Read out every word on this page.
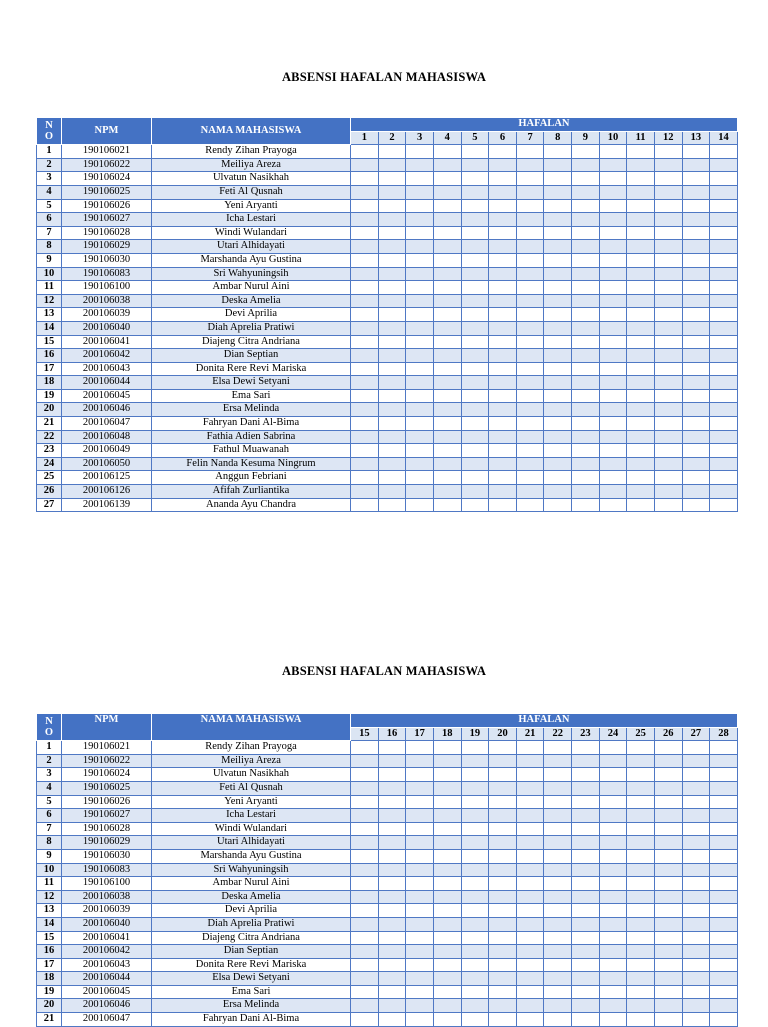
ABSENSI HAFALAN MAHASISWA
N
O	NPM	NAMA MAHASISWA	HAFALAN													
			1	2	3	4	5	6	7	8	9	10	11	12	13	14
1	190106021	Rendy Zihan Prayoga														
2	190106022	Meiliya Areza														
3	190106024	Ulvatun Nasikhah														
4	190106025	Feti Al Qusnah														
5	190106026	Yeni Aryanti														
6	190106027	Icha Lestari														
7	190106028	Windi Wulandari														
8	190106029	Utari Alhidayati														
9	190106030	Marshanda Ayu Gustina														
10	190106083	Sri Wahyuningsih														
11	190106100	Ambar Nurul Aini														
12	200106038	Deska Amelia														
13	200106039	Devi Aprilia														
14	200106040	Diah Aprelia Pratiwi														
15	200106041	Diajeng Citra Andriana														
16	200106042	Dian Septian														
17	200106043	Donita Rere Revi Mariska														
18	200106044	Elsa Dewi Setyani														
19	200106045	Ema Sari														
20	200106046	Ersa Melinda														
21	200106047	Fahryan Dani Al-Bima														
22	200106048	Fathia Adien Sabrina														
23	200106049	Fathul Muawanah														
24	200106050	Felin Nanda Kesuma Ningrum														
25	200106125	Anggun Febriani														
26	200106126	Afifah Zurliantika														
27	200106139	Ananda Ayu Chandra														
ABSENSI HAFALAN MAHASISWA
N
O	NPM	NAMA MAHASISWA	HAFALAN													
			15	16	17	18	19	20	21	22	23	24	25	26	27	28
1	190106021	Rendy Zihan Prayoga														
2	190106022	Meiliya Areza														
3	190106024	Ulvatun Nasikhah														
4	190106025	Feti Al Qusnah														
5	190106026	Yeni Aryanti														
6	190106027	Icha Lestari														
7	190106028	Windi Wulandari														
8	190106029	Utari Alhidayati														
9	190106030	Marshanda Ayu Gustina														
10	190106083	Sri Wahyuningsih														
11	190106100	Ambar Nurul Aini														
12	200106038	Deska Amelia														
13	200106039	Devi Aprilia														
14	200106040	Diah Aprelia Pratiwi														
15	200106041	Diajeng Citra Andriana														
16	200106042	Dian Septian														
17	200106043	Donita Rere Revi Mariska														
18	200106044	Elsa Dewi Setyani														
19	200106045	Ema Sari														
20	200106046	Ersa Melinda														
21	200106047	Fahryan Dani Al-Bima														
